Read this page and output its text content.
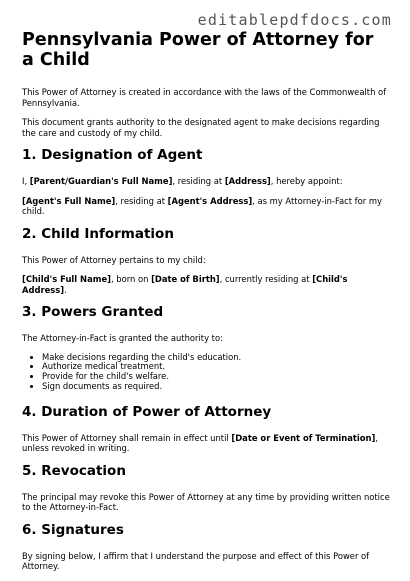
editablepdfdocs.com
Pennsylvania Power of Attorney for a Child

This Power of Attorney is created in accordance with the laws of the Commonwealth of Pennsylvania.

This document grants authority to the designated agent to make decisions regarding the care and custody of my child.

1. Designation of Agent

I, [Parent/Guardian's Full Name], residing at [Address], hereby appoint:

[Agent's Full Name], residing at [Agent's Address], as my Attorney-in-Fact for my child.

2. Child Information

This Power of Attorney pertains to my child:

[Child's Full Name], born on [Date of Birth], currently residing at [Child's Address].

3. Powers Granted

The Attorney-in-Fact is granted the authority to:

• Make decisions regarding the child's education.
• Authorize medical treatment.
• Provide for the child's welfare.
• Sign documents as required.
4. Duration of Power of Attorney

This Power of Attorney shall remain in effect until [Date or Event of Termination], unless revoked in writing.

5. Revocation

The principal may revoke this Power of Attorney at any time by providing written notice to the Attorney-in-Fact.

6. Signatures

By signing below, I affirm that I understand the purpose and effect of this Power of Attorney.
